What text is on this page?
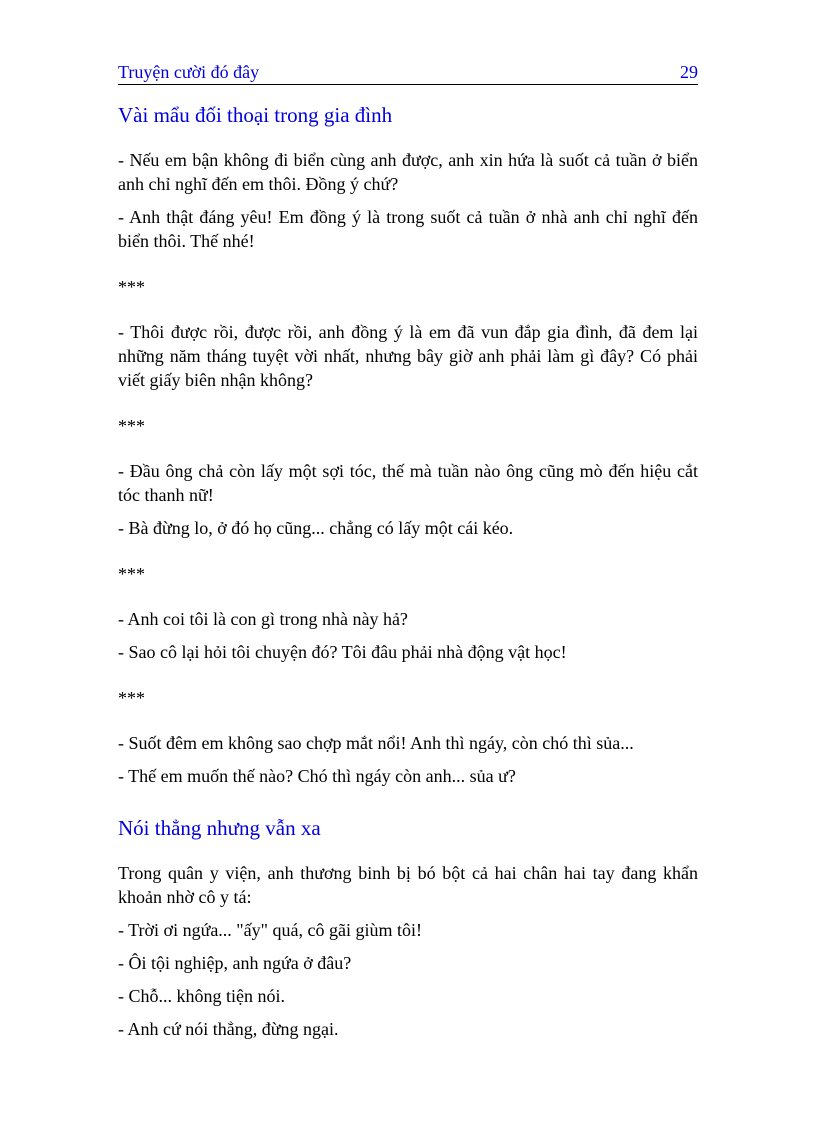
Truyện cười đó đây	29
Vài mẩu đối thoại trong gia đình

- Nếu em bận không đi biển cùng anh được, anh xin hứa là suốt cả tuần ở biển anh chỉ nghĩ đến em thôi. Đồng ý chứ?

- Anh thật đáng yêu! Em đồng ý là trong suốt cả tuần ở nhà anh chỉ nghĩ đến biển thôi. Thế nhé!

***

- Thôi được rồi, được rồi, anh đồng ý là em đã vun đắp gia đình, đã đem lại những năm tháng tuyệt vời nhất, nhưng bây giờ anh phải làm gì đây? Có phải viết giấy biên nhận không?

***

- Đầu ông chả còn lấy một sợi tóc, thế mà tuần nào ông cũng mò đến hiệu cắt tóc thanh nữ!

- Bà đừng lo, ở đó họ cũng... chẳng có lấy một cái kéo.

***

- Anh coi tôi là con gì trong nhà này hả?

- Sao cô lại hỏi tôi chuyện đó? Tôi đâu phải nhà động vật học!

***

- Suốt đêm em không sao chợp mắt nổi! Anh thì ngáy, còn chó thì sủa...

- Thế em muốn thế nào? Chó thì ngáy còn anh... sủa ư?

Nói thẳng nhưng vẫn xa

Trong quân y viện, anh thương binh bị bó bột cả hai chân hai tay đang khẩn khoản nhờ cô y tá:

- Trời ơi ngứa... "ấy" quá, cô gãi giùm tôi!

- Ôi tội nghiệp, anh ngứa ở đâu?

- Chỗ... không tiện nói.

- Anh cứ nói thẳng, đừng ngại.
